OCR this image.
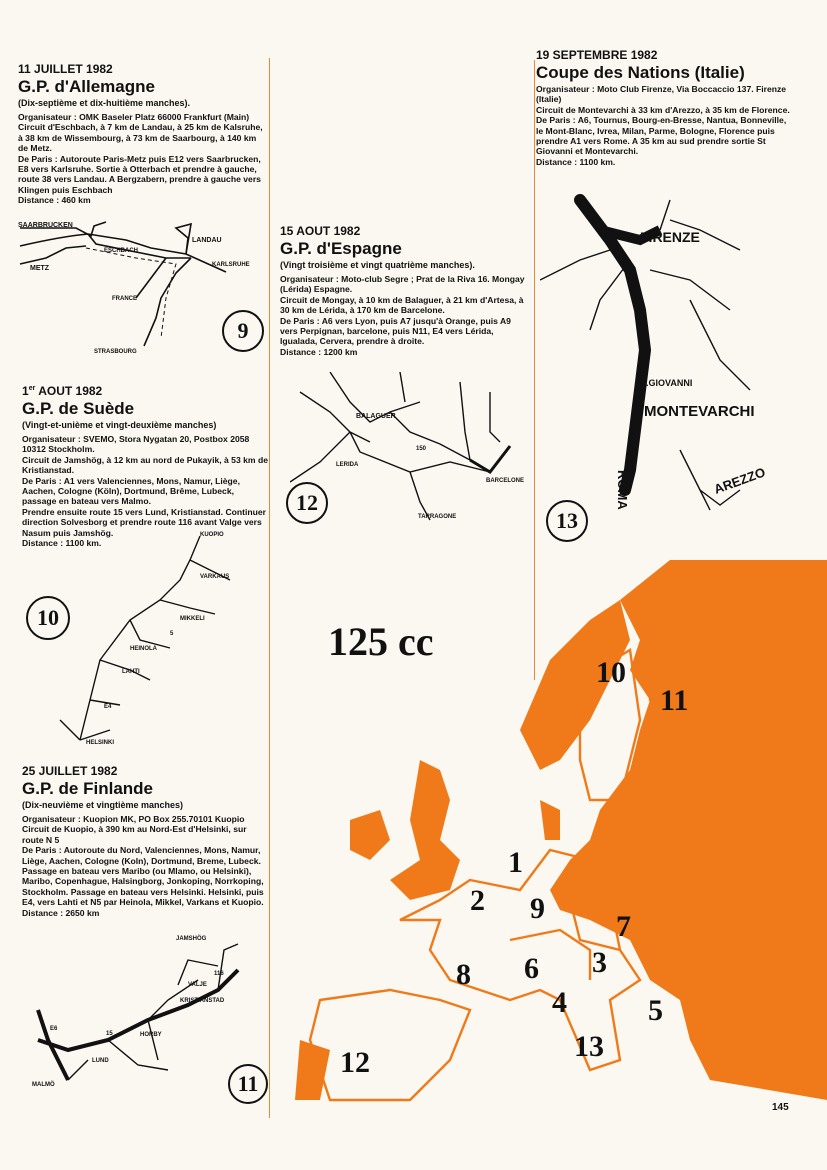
11 JUILLET 1982

G.P. d'Allemagne

(Dix-septième et dix-huitième manches).

Organisateur : OMK Baseler Platz 66000 Frankfurt (Main)
Circuit d'Eschbach, à 7 km de Landau, à 25 km de Kalsruhe, à 38 km de Wissembourg, à 73 km de Saarbourg, à 140 km de Metz.
De Paris : Autoroute Paris-Metz puis E12 vers Saarbrucken, E8 vers Karlsruhe. Sortie à Otterbach et prendre à gauche, route 38 vers Landau. A Bergzabern, prendre à gauche vers Klingen puis Eschbach
Distance : 460 km

SAARBRUCKEN
METZ
ESCHBACH
LANDAU
KARLSRUHE
FRANCE
STRASBOURG
9

1er AOUT 1982

G.P. de Suède

(Vingt-et-unième et vingt-deuxième manches)

Organisateur : SVEMO, Stora Nygatan 20, Postbox 2058 10312 Stockholm.
Circuit de Jamshög, à 12 km au nord de Pukayik, à 53 km de Kristianstad.
De Paris : A1 vers Valenciennes, Mons, Namur, Liège, Aachen, Cologne (Köln), Dortmund, Brême, Lubeck, passage en bateau vers Malmo.
Prendre ensuite route 15 vers Lund, Kristianstad. Continuer direction Solvesborg et prendre route 116 avant Valge vers Nasum puis Jamshög.
Distance : 1100 km.

KUOPIO
VARKAUS
MIKKELI
5
HEINOLA
LAHTI
E4
HELSINKI
10

25 JUILLET 1982

G.P. de Finlande

(Dix-neuvième et vingtième manches)

Organisateur : Kuopion MK, PO Box 255.70101 Kuopio
Circuit de Kuopio, à 390 km au Nord-Est d'Helsinki, sur route N 5
De Paris : Autoroute du Nord, Valenciennes, Mons, Namur, Liège, Aachen, Cologne (Koln), Dortmund, Breme, Lubeck. Passage en bateau vers Maribo (ou Mlamo, ou Helsinki), Maribo, Copenhague, Halsingborg, Jonkoping, Norrkoping, Stockholm. Passage en bateau vers Helsinki. Helsinki, puis E4, vers Lahti et N5 par Heinola, Mikkel, Varkans et Kuopio.
Distance : 2650 km

JAMSHÖG
116
VALJE
KRISTIANSTAD
E6
15	HORBY
LUND
MALMÖ	11

15 AOUT 1982

G.P. d'Espagne

(Vingt troisième et vingt quatrième manches).

Organisateur : Moto-club Segre ; Prat de la Riva 16. Mongay (Lérida) Espagne.
Circuit de Mongay, à 10 km de Balaguer, à 21 km d'Artesa, à 30 km de Lérida, à 170 km de Barcelone.
De Paris : A6 vers Lyon, puis A7 jusqu'à Orange, puis A9 vers Perpignan, barcelone, puis N11, E4 vers Lérida, Igualada, Cervera, prendre à droite.
Distance : 1200 km

BALAGUER
LERIDA
150
BARCELONE
TARRAGONE
12

19 SEPTEMBRE 1982

Coupe des Nations (Italie)

Organisateur : Moto Club Firenze, Via Boccaccio 137. Firenze (Italie)
Circuit de Montevarchi à 33 km d'Arezzo, à 35 km de Florence.
De Paris : A6, Tournus, Bourg-en-Bresse, Nantua, Bonneville, le Mont-Blanc, Ivrea, Milan, Parme, Bologne, Florence puis prendre A1 vers Rome. A 35 km au sud prendre sortie St Giovanni et Montevarchi.
Distance : 1100 km.

FIRENZE
85
S.GIOVANNI
MONTEVARCHI
ROMA	AREZZO
13
125 cc
1
2
3
4	5
6
7
8
9
10
11
12	13
145
